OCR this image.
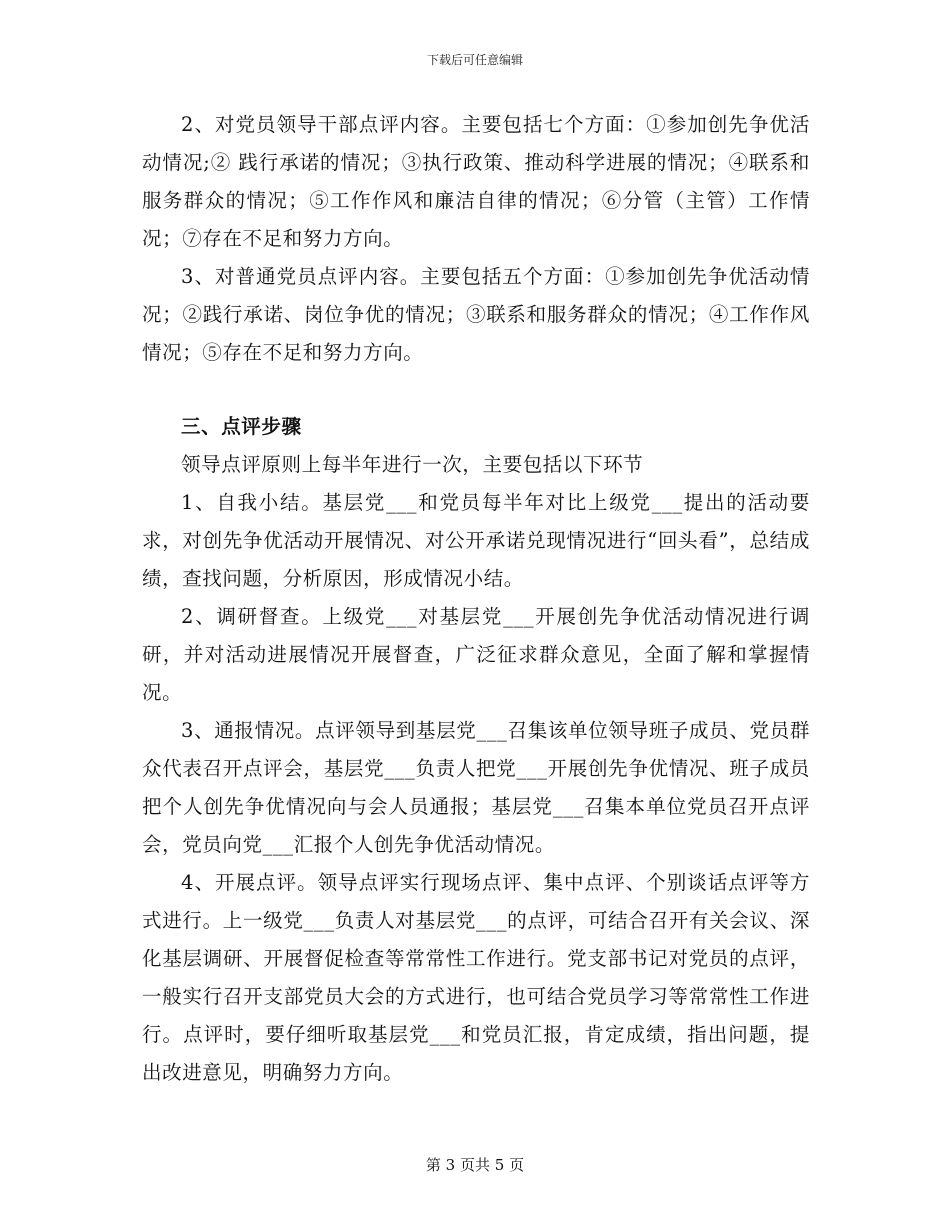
下载后可任意编辑

2、对党员领导干部点评内容。主要包括七个方面：①参加创先争优活动情况;② 践行承诺的情况；③执行政策、推动科学进展的情况；④联系和服务群众的情况；⑤工作作风和廉洁自律的情况；⑥分管（主管）工作情况；⑦存在不足和努力方向。

3、对普通党员点评内容。主要包括五个方面：①参加创先争优活动情况；②践行承诺、岗位争优的情况；③联系和服务群众的情况；④工作作风情况；⑤存在不足和努力方向。

三、点评步骤

领导点评原则上每半年进行一次，主要包括以下环节

1、自我小结。基层党___和党员每半年对比上级党___提出的活动要求，对创先争优活动开展情况、对公开承诺兑现情况进行“回头看”，总结成绩，查找问题，分析原因，形成情况小结。

2、调研督查。上级党___对基层党___开展创先争优活动情况进行调研，并对活动进展情况开展督查，广泛征求群众意见，全面了解和掌握情况。

3、通报情况。点评领导到基层党___召集该单位领导班子成员、党员群众代表召开点评会，基层党___负责人把党___开展创先争优情况、班子成员把个人创先争优情况向与会人员通报；基层党___召集本单位党员召开点评会，党员向党___汇报个人创先争优活动情况。

4、开展点评。领导点评实行现场点评、集中点评、个别谈话点评等方式进行。上一级党___负责人对基层党___的点评，可结合召开有关会议、深化基层调研、开展督促检查等常常性工作进行。党支部书记对党员的点评，一般实行召开支部党员大会的方式进行，也可结合党员学习等常常性工作进行。点评时，要仔细听取基层党___和党员汇报，肯定成绩，指出问题，提出改进意见，明确努力方向。

第 3 页共 5 页
